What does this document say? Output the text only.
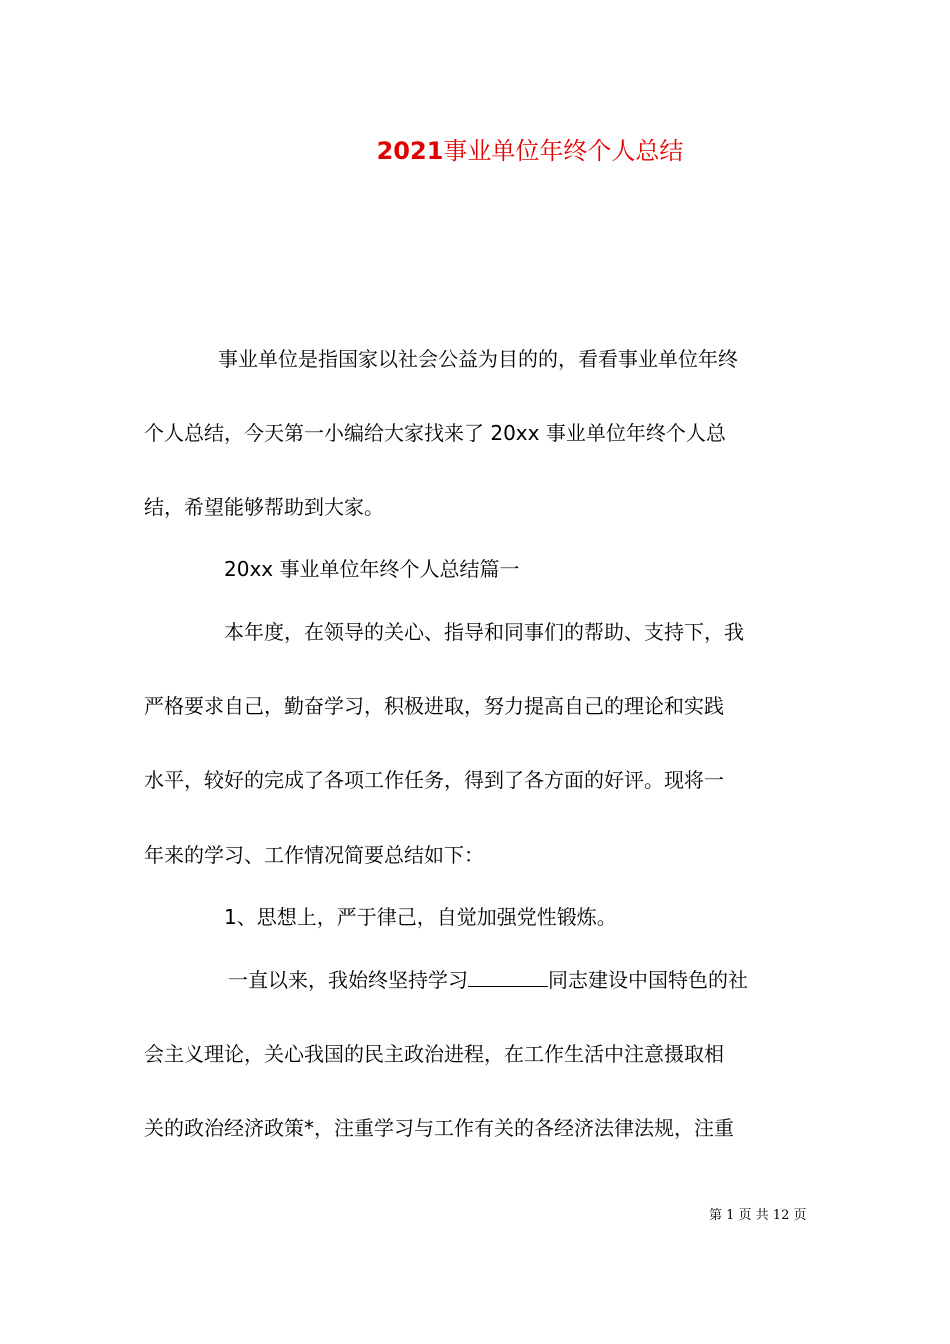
2021事业单位年终个人总结
事业单位是指国家以社会公益为目的的，看看事业单位年终
个人总结，今天第一小编给大家找来了 20xx 事业单位年终个人总
结，希望能够帮助到大家。
20xx 事业单位年终个人总结篇一
本年度，在领导的关心、指导和同事们的帮助、支持下，我
严格要求自己，勤奋学习，积极进取，努力提高自己的理论和实践
水平，较好的完成了各项工作任务，得到了各方面的好评。现将一
年来的学习、工作情况简要总结如下：
1、思想上，严于律己，自觉加强党性锻炼。
一直以来，我始终坚持学习	同志建设中国特色的社
会主义理论，关心我国的民主政治进程，在工作生活中注意摄取相
关的政治经济政策*，注重学习与工作有关的各经济法律法规，注重
第 1 页 共 12 页
